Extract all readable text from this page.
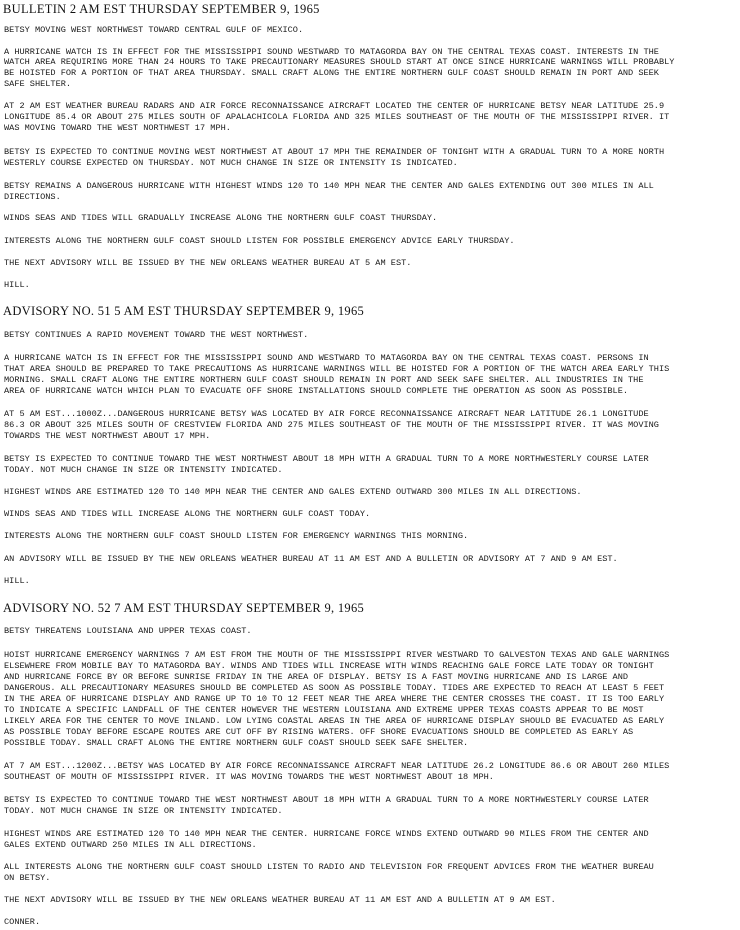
BULLETIN 2 AM EST THURSDAY SEPTEMBER 9, 1965

BETSY MOVING WEST NORTHWEST TOWARD CENTRAL GULF OF MEXICO.

A HURRICANE WATCH IS IN EFFECT FOR THE MISSISSIPPI SOUND WESTWARD TO MATAGORDA BAY ON THE CENTRAL TEXAS COAST. INTERESTS IN THE

WATCH AREA REQUIRING MORE THAN 24 HOURS TO TAKE PRECAUTIONARY MEASURES SHOULD START AT ONCE SINCE HURRICANE WARNINGS WILL PROBABLY

BE HOISTED FOR A PORTION OF THAT AREA THURSDAY. SMALL CRAFT ALONG THE ENTIRE NORTHERN GULF COAST SHOULD REMAIN IN PORT AND SEEK

SAFE SHELTER.

AT 2 AM EST WEATHER BUREAU RADARS AND AIR FORCE RECONNAISSANCE AIRCRAFT LOCATED THE CENTER OF HURRICANE BETSY NEAR LATITUDE 25.9

LONGITUDE 85.4 OR ABOUT 275 MILES SOUTH OF APALACHICOLA FLORIDA AND 325 MILES SOUTHEAST OF THE MOUTH OF THE MISSISSIPPI RIVER. IT

WAS MOVING TOWARD THE WEST NORTHWEST 17 MPH.

BETSY IS EXPECTED TO CONTINUE MOVING WEST NORTHWEST AT ABOUT 17 MPH THE REMAINDER OF TONIGHT WITH A GRADUAL TURN TO A MORE NORTH

WESTERLY COURSE EXPECTED ON THURSDAY. NOT MUCH CHANGE IN SIZE OR INTENSITY IS INDICATED.

BETSY REMAINS A DANGEROUS HURRICANE WITH HIGHEST WINDS 120 TO 140 MPH NEAR THE CENTER AND GALES EXTENDING OUT 300 MILES IN ALL

DIRECTIONS.

WINDS SEAS AND TIDES WILL GRADUALLY INCREASE ALONG THE NORTHERN GULF COAST THURSDAY.

INTERESTS ALONG THE NORTHERN GULF COAST SHOULD LISTEN FOR POSSIBLE EMERGENCY ADVICE EARLY THURSDAY.

THE NEXT ADVISORY WILL BE ISSUED BY THE NEW ORLEANS WEATHER BUREAU AT 5 AM EST.

HILL.

ADVISORY NO. 51 5 AM EST THURSDAY SEPTEMBER 9, 1965

BETSY CONTINUES A RAPID MOVEMENT TOWARD THE WEST NORTHWEST.

A HURRICANE WATCH IS IN EFFECT FOR THE MISSISSIPPI SOUND AND WESTWARD TO MATAGORDA BAY ON THE CENTRAL TEXAS COAST. PERSONS IN

THAT AREA SHOULD BE PREPARED TO TAKE PRECAUTIONS AS HURRICANE WARNINGS WILL BE HOISTED FOR A PORTION OF THE WATCH AREA EARLY THIS

MORNING. SMALL CRAFT ALONG THE ENTIRE NORTHERN GULF COAST SHOULD REMAIN IN PORT AND SEEK SAFE SHELTER. ALL INDUSTRIES IN THE

AREA OF HURRICANE WATCH WHICH PLAN TO EVACUATE OFF SHORE INSTALLATIONS SHOULD COMPLETE THE OPERATION AS SOON AS POSSIBLE.

AT 5 AM EST...1000Z...DANGEROUS HURRICANE BETSY WAS LOCATED BY AIR FORCE RECONNAISSANCE AIRCRAFT NEAR LATITUDE 26.1 LONGITUDE

86.3 OR ABOUT 325 MILES SOUTH OF CRESTVIEW FLORIDA AND 275 MILES SOUTHEAST OF THE MOUTH OF THE MISSISSIPPI RIVER. IT WAS MOVING

TOWARDS THE WEST NORTHWEST ABOUT 17 MPH.

BETSY IS EXPECTED TO CONTINUE TOWARD THE WEST NORTHWEST ABOUT 18 MPH WITH A GRADUAL TURN TO A MORE NORTHWESTERLY COURSE LATER

TODAY. NOT MUCH CHANGE IN SIZE OR INTENSITY INDICATED.

HIGHEST WINDS ARE ESTIMATED 120 TO 140 MPH NEAR THE CENTER AND GALES EXTEND OUTWARD 300 MILES IN ALL DIRECTIONS.

WINDS SEAS AND TIDES WILL INCREASE ALONG THE NORTHERN GULF COAST TODAY.

INTERESTS ALONG THE NORTHERN GULF COAST SHOULD LISTEN FOR EMERGENCY WARNINGS THIS MORNING.

AN ADVISORY WILL BE ISSUED BY THE NEW ORLEANS WEATHER BUREAU AT 11 AM EST AND A BULLETIN OR ADVISORY AT 7 AND 9 AM EST.

HILL.

ADVISORY NO. 52 7 AM EST THURSDAY SEPTEMBER 9, 1965

BETSY THREATENS LOUISIANA AND UPPER TEXAS COAST.

HOIST HURRICANE EMERGENCY WARNINGS 7 AM EST FROM THE MOUTH OF THE MISSISSIPPI RIVER WESTWARD TO GALVESTON TEXAS AND GALE WARNINGS

ELSEWHERE FROM MOBILE BAY TO MATAGORDA BAY. WINDS AND TIDES WILL INCREASE WITH WINDS REACHING GALE FORCE LATE TODAY OR TONIGHT

AND HURRICANE FORCE BY OR BEFORE SUNRISE FRIDAY IN THE AREA OF DISPLAY. BETSY IS A FAST MOVING HURRICANE AND IS LARGE AND

DANGEROUS. ALL PRECAUTIONARY MEASURES SHOULD BE COMPLETED AS SOON AS POSSIBLE TODAY. TIDES ARE EXPECTED TO REACH AT LEAST 5 FEET

IN THE AREA OF HURRICANE DISPLAY AND RANGE UP TO 10 TO 12 FEET NEAR THE AREA WHERE THE CENTER CROSSES THE COAST. IT IS TOO EARLY

TO INDICATE A SPECIFIC LANDFALL OF THE CENTER HOWEVER THE WESTERN LOUISIANA AND EXTREME UPPER TEXAS COASTS APPEAR TO BE MOST

LIKELY AREA FOR THE CENTER TO MOVE INLAND. LOW LYING COASTAL AREAS IN THE AREA OF HURRICANE DISPLAY SHOULD BE EVACUATED AS EARLY

AS POSSIBLE TODAY BEFORE ESCAPE ROUTES ARE CUT OFF BY RISING WATERS. OFF SHORE EVACUATIONS SHOULD BE COMPLETED AS EARLY AS

POSSIBLE TODAY. SMALL CRAFT ALONG THE ENTIRE NORTHERN GULF COAST SHOULD SEEK SAFE SHELTER.

AT 7 AM EST...1200Z...BETSY WAS LOCATED BY AIR FORCE RECONNAISSANCE AIRCRAFT NEAR LATITUDE 26.2 LONGITUDE 86.6 OR ABOUT 260 MILES

SOUTHEAST OF MOUTH OF MISSISSIPPI RIVER. IT WAS MOVING TOWARDS THE WEST NORTHWEST ABOUT 18 MPH.

BETSY IS EXPECTED TO CONTINUE TOWARD THE WEST NORTHWEST ABOUT 18 MPH WITH A GRADUAL TURN TO A MORE NORTHWESTERLY COURSE LATER

TODAY. NOT MUCH CHANGE IN SIZE OR INTENSITY INDICATED.

HIGHEST WINDS ARE ESTIMATED 120 TO 140 MPH NEAR THE CENTER. HURRICANE FORCE WINDS EXTEND OUTWARD 90 MILES FROM THE CENTER AND

GALES EXTEND OUTWARD 250 MILES IN ALL DIRECTIONS.

ALL INTERESTS ALONG THE NORTHERN GULF COAST SHOULD LISTEN TO RADIO AND TELEVISION FOR FREQUENT ADVICES FROM THE WEATHER BUREAU

ON BETSY.

THE NEXT ADVISORY WILL BE ISSUED BY THE NEW ORLEANS WEATHER BUREAU AT 11 AM EST AND A BULLETIN AT 9 AM EST.

CONNER.
